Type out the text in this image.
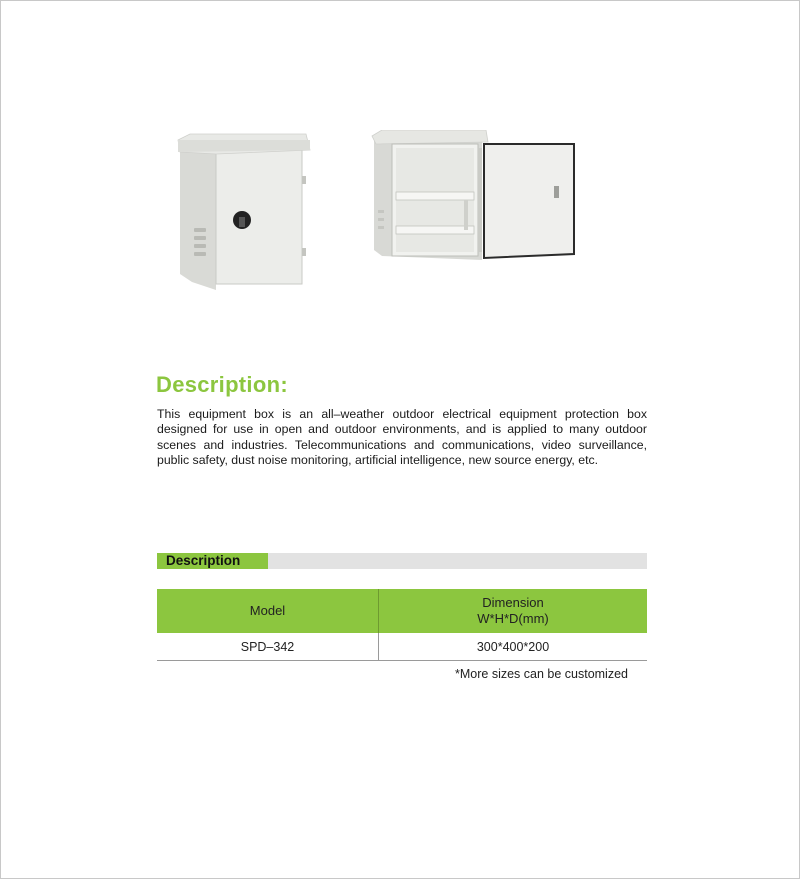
Description:
This equipment box is an all–weather outdoor electrical equipment protection box designed for use in open and outdoor environments, and is applied to many outdoor scenes and industries. Telecommunications and communications, video surveillance, public safety, dust noise monitoring, artificial intelligence, new source energy, etc.
Description
Model	Dimension
W*H*D(mm)
SPD–342	300*400*200
*More sizes can be customized
